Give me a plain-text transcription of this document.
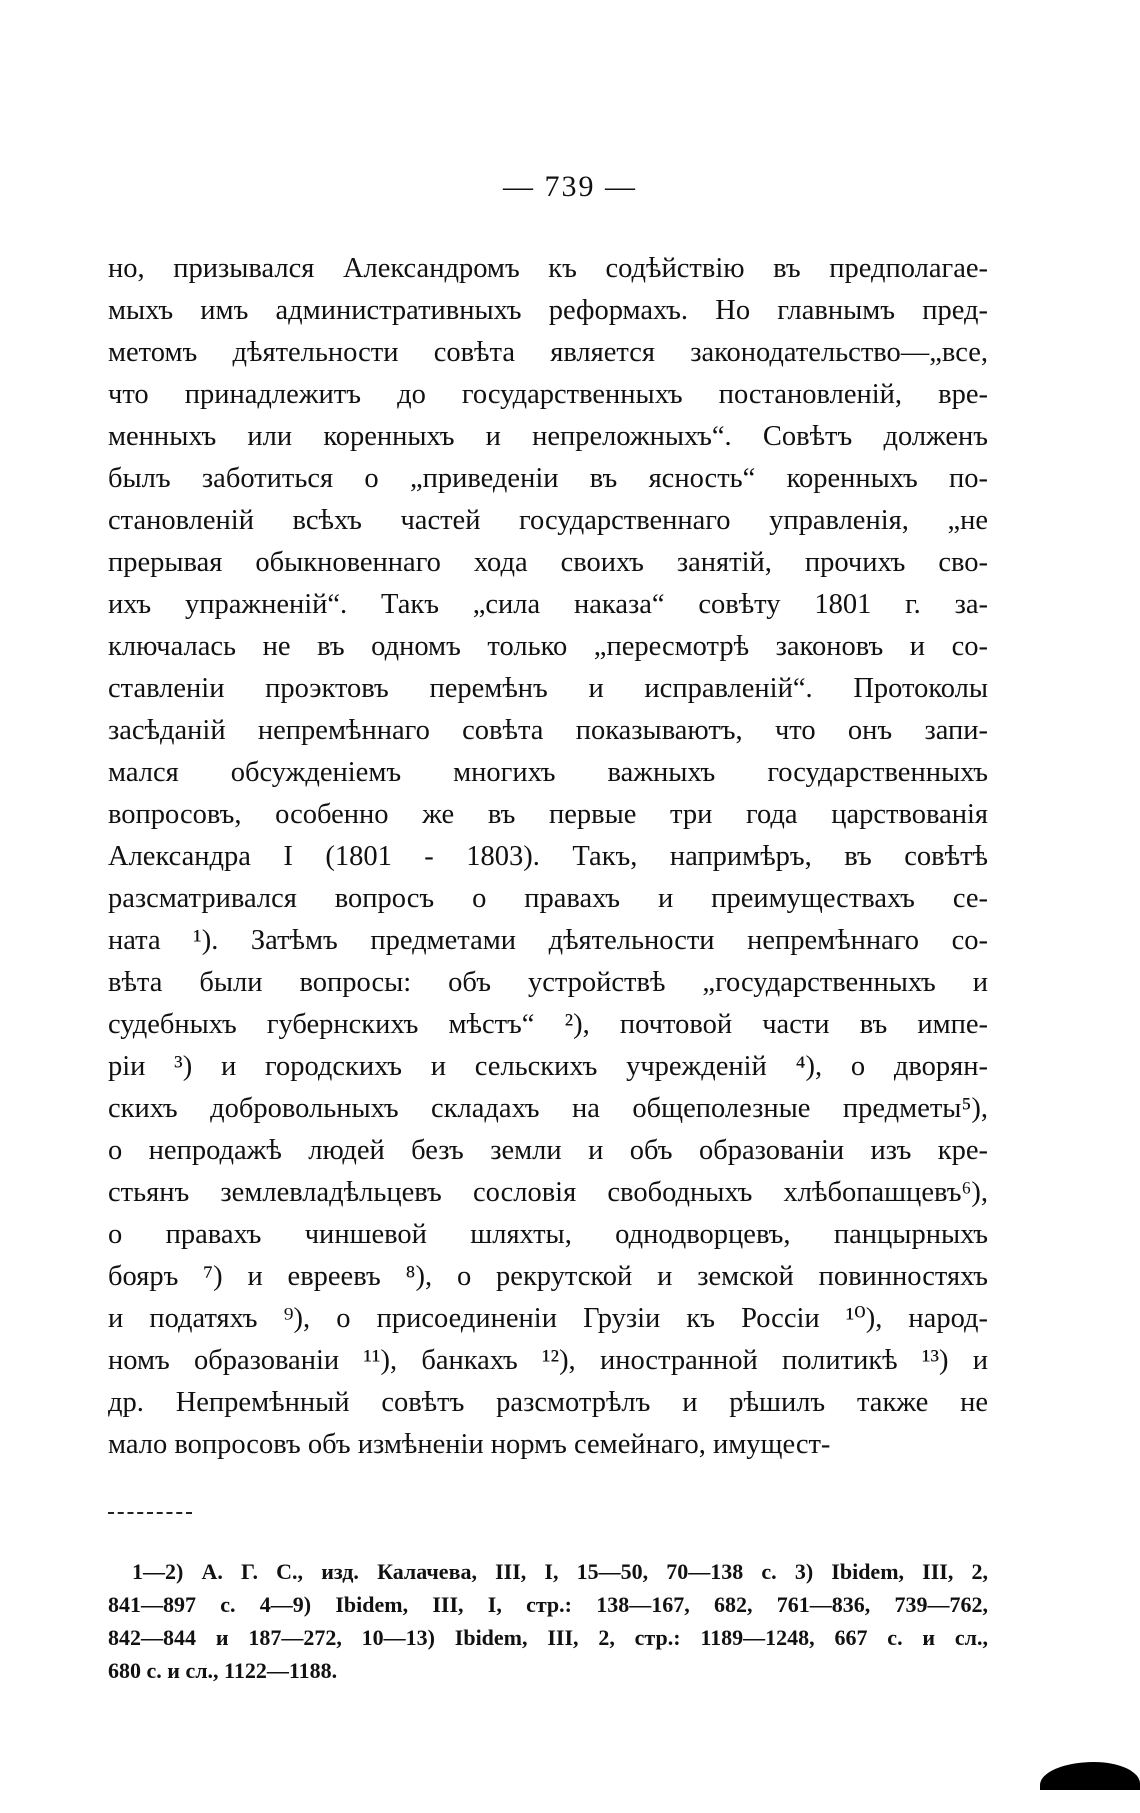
— 739 —
но, призывался Александромъ къ содѣйствію въ предполагае-
мыхъ имъ административныхъ реформахъ. Но главнымъ пред-
метомъ дѣятельности совѣта является законодательство—„все,
что принадлежитъ до государственныхъ постановленій, вре-
менныхъ или коренныхъ и непреложныхъ“. Совѣтъ долженъ
былъ заботиться о „приведеніи въ ясность“ коренныхъ по-
становленій всѣхъ частей государственнаго управленія, „не
прерывая обыкновеннаго хода своихъ занятій, прочихъ сво-
ихъ упражненій“. Такъ „сила наказа“ совѣту 1801 г. за-
ключалась не въ одномъ только „пересмотрѣ законовъ и со-
ставленіи проэктовъ перемѣнъ и исправленій“. Протоколы
засѣданій непремѣннаго совѣта показываютъ, что онъ запи-
мался обсужденіемъ многихъ важныхъ государственныхъ
вопросовъ, особенно же въ первые три года царствованія
Александра I (1801 - 1803). Такъ, напримѣръ, въ совѣтѣ
разсматривался вопросъ о правахъ и преимуществахъ се-
ната ¹). Затѣмъ предметами дѣятельности непремѣннаго со-
вѣта были вопросы: объ устройствѣ „государственныхъ и
судебныхъ губернскихъ мѣстъ“ ²), почтовой части въ импе-
ріи ³) и городскихъ и сельскихъ учрежденій ⁴), о дворян-
скихъ добровольныхъ складахъ на общеполезные предметы⁵),
о непродажѣ людей безъ земли и объ образованіи изъ кре-
стьянъ землевладѣльцевъ сословія свободныхъ хлѣбопашцевъ⁶),
о правахъ чиншевой шляхты, однодворцевъ, панцырныхъ
бояръ ⁷) и евреевъ ⁸), о рекрутской и земской повинностяхъ
и податяхъ ⁹), о присоединеніи Грузіи къ Россіи ¹⁰), народ-
номъ образованіи ¹¹), банкахъ ¹²), иностранной политикѣ ¹³) и
др. Непремѣнный совѣтъ разсмотрѣлъ и рѣшилъ также не
мало вопросовъ объ измѣненіи нормъ семейнаго, имущест-
1—2) А. Г. С., изд. Калачева, III, I, 15—50, 70—138 с. 3) Ibidem, III, 2,
841—897 с. 4—9) Ibidem, III, I, стр.: 138—167, 682, 761—836, 739—762,
842—844 и 187—272, 10—13) Ibidem, III, 2, стр.: 1189—1248, 667 с. и сл.,
680 с. и сл., 1122—1188.
